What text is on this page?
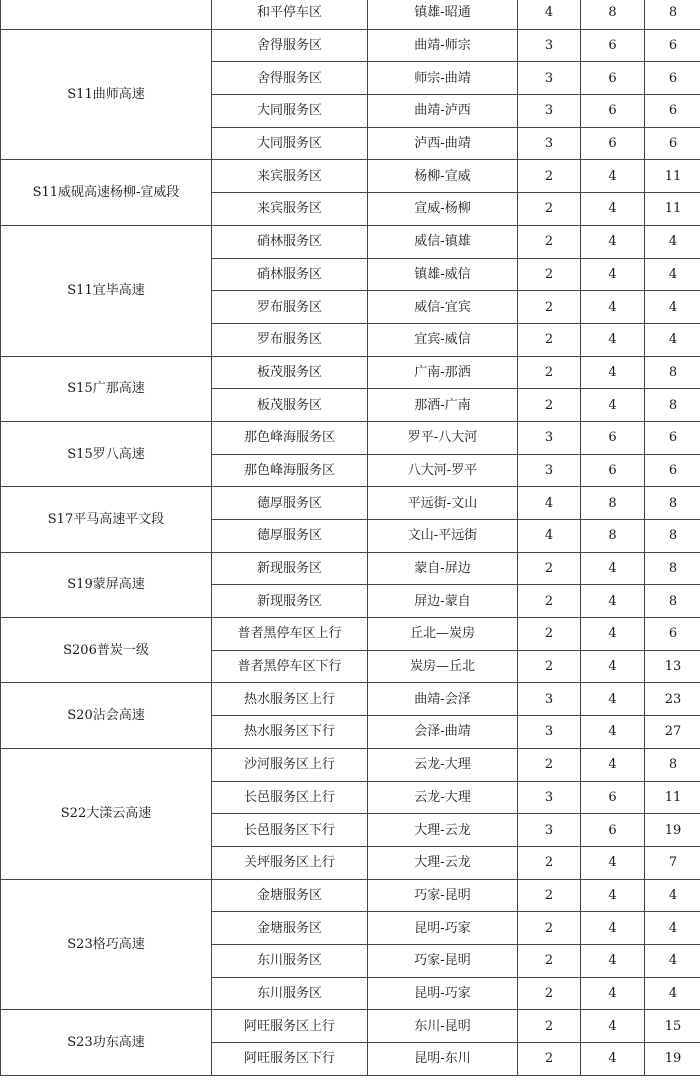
	和平停车区	镇雄-昭通	4	8	8
S11曲师高速	舍得服务区	曲靖-师宗	3	6	6
	舍得服务区	师宗-曲靖	3	6	6
	大同服务区	曲靖-泸西	3	6	6
	大同服务区	泸西-曲靖	3	6	6
S11威砚高速杨柳-宣威段	来宾服务区	杨柳-宣威	2	4	11
	来宾服务区	宣威-杨柳	2	4	11
S11宜毕高速	硝林服务区	威信-镇雄	2	4	4
	硝林服务区	镇雄-威信	2	4	4
	罗布服务区	威信-宜宾	2	4	4
	罗布服务区	宜宾-威信	2	4	4
S15广那高速	板茂服务区	广南-那洒	2	4	8
	板茂服务区	那洒-广南	2	4	8
S15罗八高速	那色峰海服务区	罗平-八大河	3	6	6
	那色峰海服务区	八大河-罗平	3	6	6
S17平马高速平文段	德厚服务区	平远街-文山	4	8	8
	德厚服务区	文山-平远街	4	8	8
S19蒙屏高速	新现服务区	蒙自-屏边	2	4	8
	新现服务区	屏边-蒙自	2	4	8
S206普炭一级	普者黑停车区上行	丘北—炭房	2	4	6
	普者黑停车区下行	炭房—丘北	2	4	13
S20沾会高速	热水服务区上行	曲靖-会泽	3	4	23
	热水服务区下行	会泽-曲靖	3	4	27
S22大漾云高速	沙河服务区上行	云龙-大理	2	4	8
	长邑服务区上行	云龙-大理	3	6	11
	长邑服务区下行	大理-云龙	3	6	19
	关坪服务区上行	大理-云龙	2	4	7
S23格巧高速	金塘服务区	巧家-昆明	2	4	4
	金塘服务区	昆明-巧家	2	4	4
	东川服务区	巧家-昆明	2	4	4
	东川服务区	昆明-巧家	2	4	4
S23功东高速	阿旺服务区上行	东川-昆明	2	4	15
	阿旺服务区下行	昆明-东川	2	4	19
